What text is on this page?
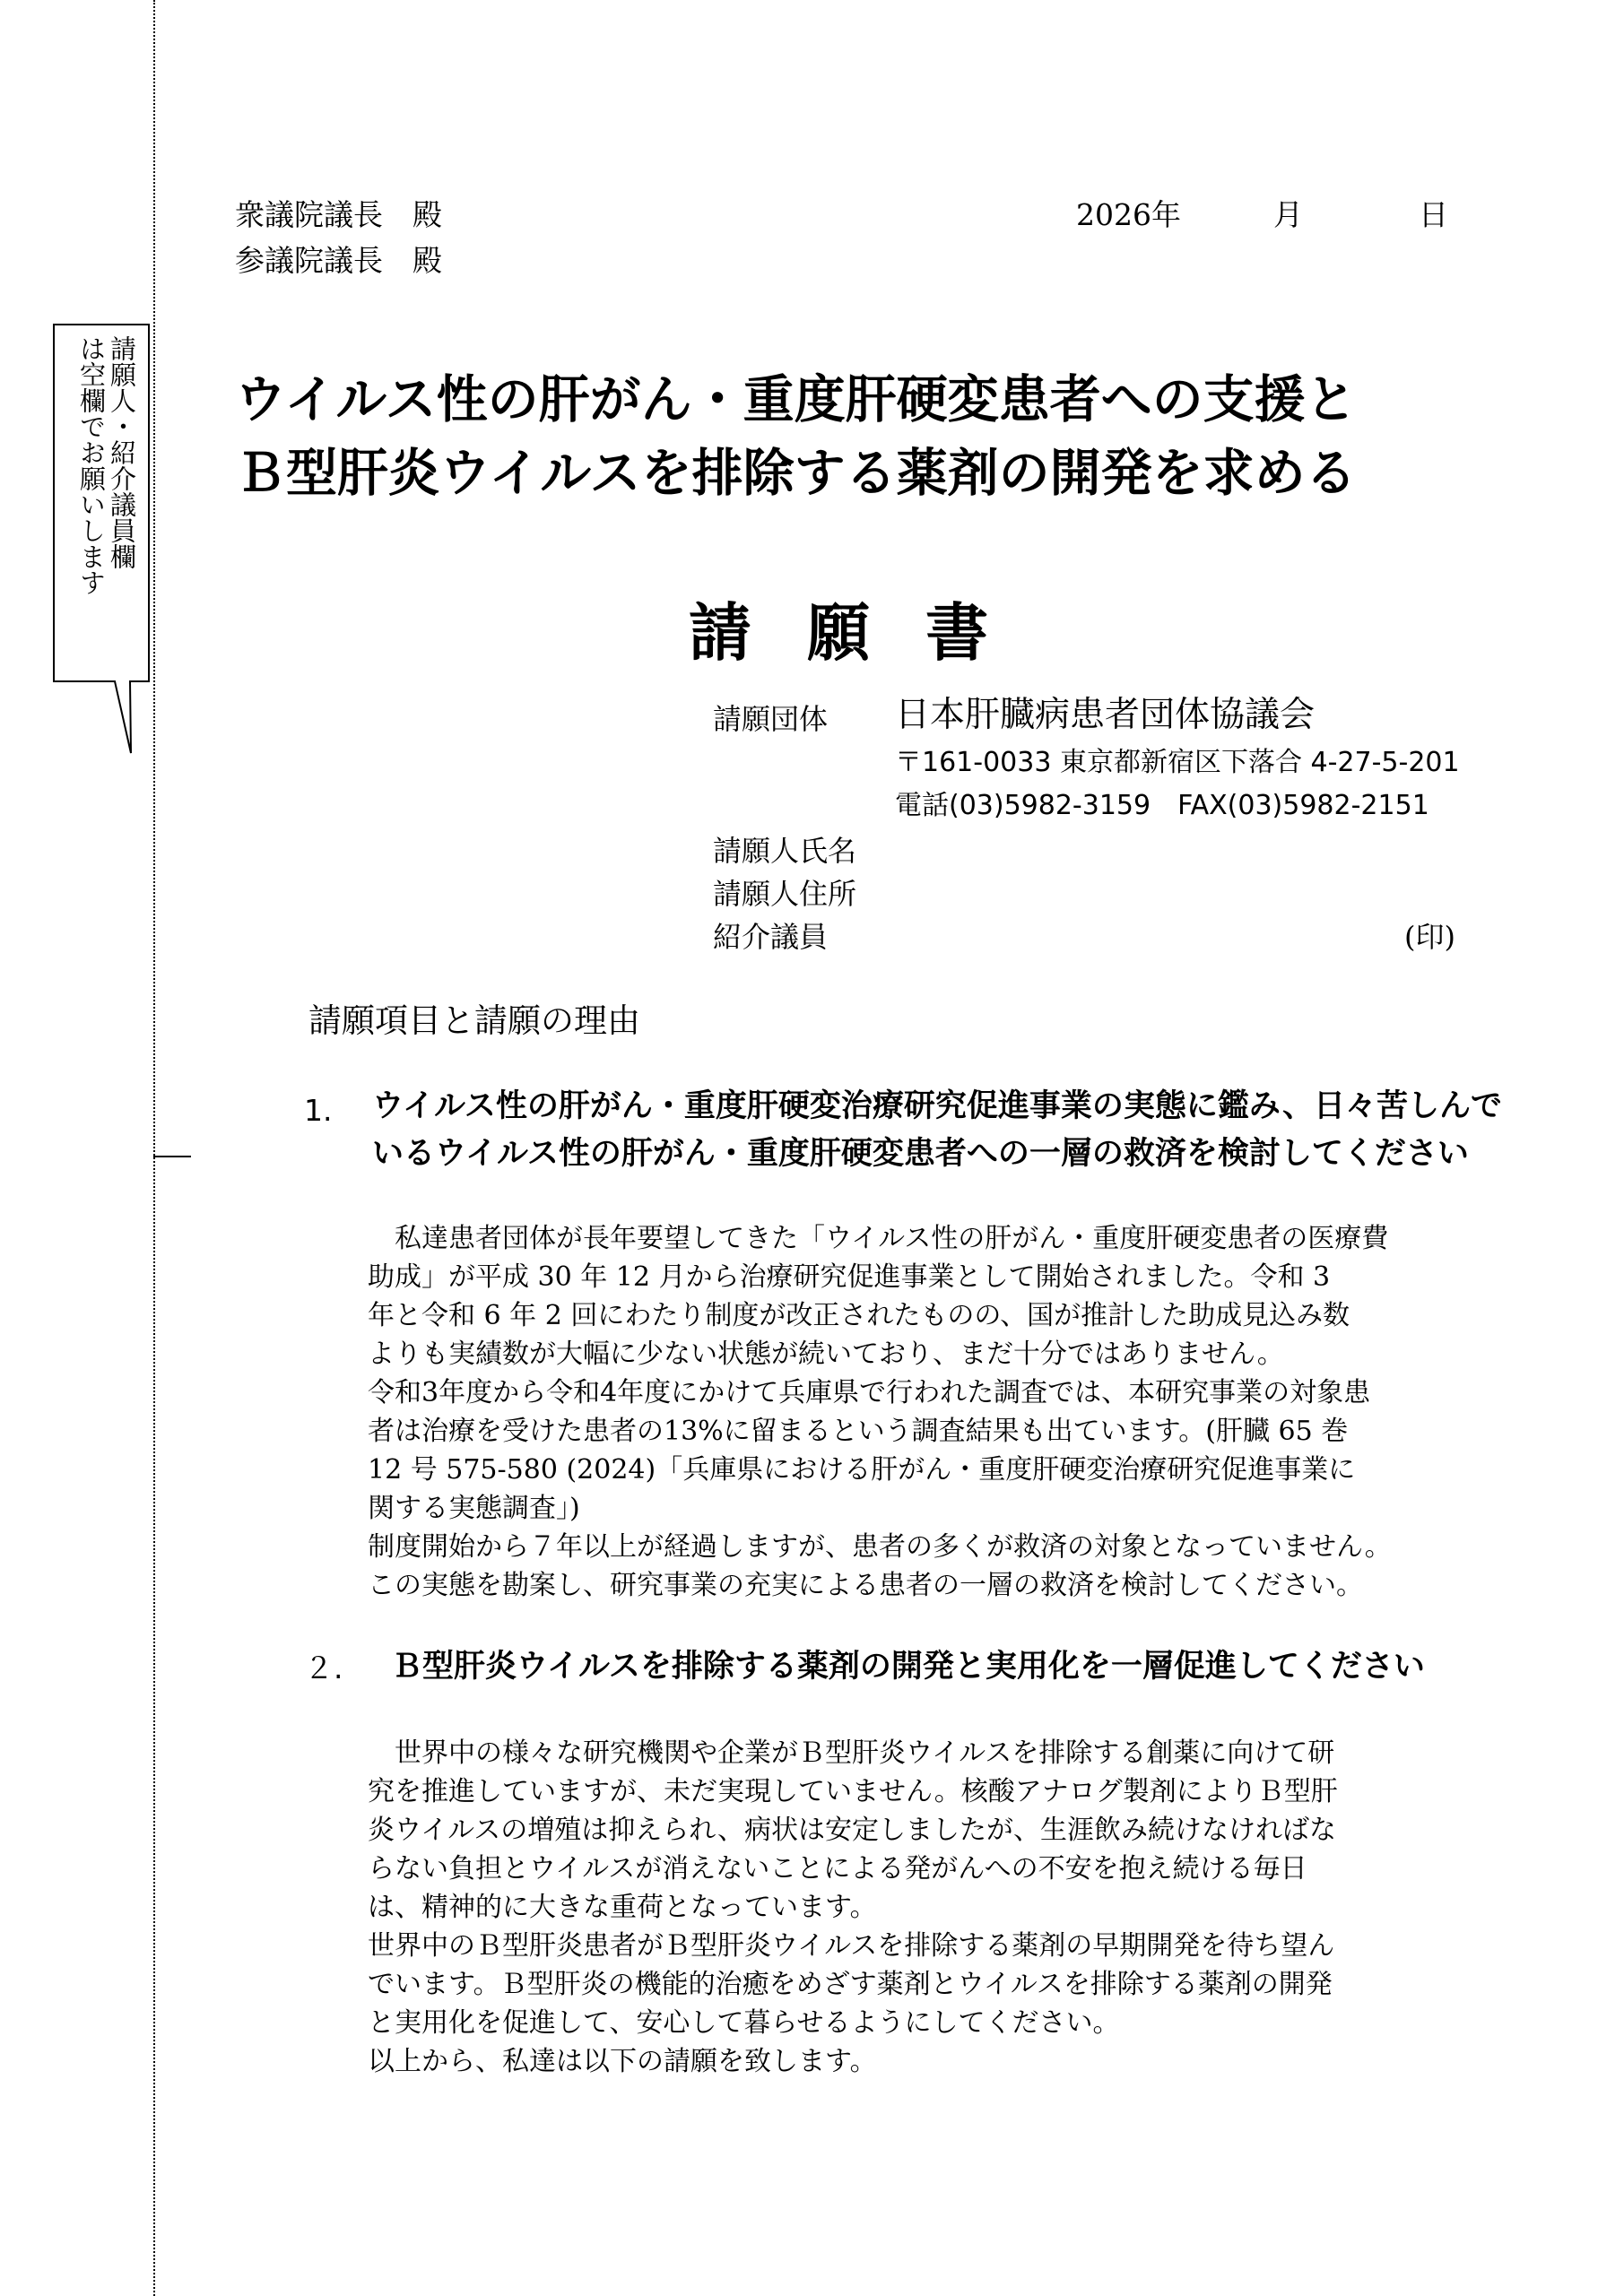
請願人・紹介議員欄
は空欄でお願いします
衆議院議長　殿
参議院議長　殿
2026年	月	日
ウイルス性の肝がん・重度肝硬変患者への支援と
Ｂ型肝炎ウイルスを排除する薬剤の開発を求める
請願書
請願団体 日本肝臓病患者団体協議会
〒161-0033 東京都新宿区下落合 4-27-5-201
電話(03)5982-3159　FAX(03)5982-2151
請願人氏名
請願人住所
紹介議員	(印)
請願項目と請願の理由
1. ウイルス性の肝がん・重度肝硬変治療研究促進事業の実態に鑑み、日々苦しんで
いるウイルス性の肝がん・重度肝硬変患者への一層の救済を検討してください
　私達患者団体が長年要望してきた「ウイルス性の肝がん・重度肝硬変患者の医療費
助成」が平成 30 年 12 月から治療研究促進事業として開始されました。令和 3
年と令和 6 年 2 回にわたり制度が改正されたものの、国が推計した助成見込み数
よりも実績数が大幅に少ない状態が続いており、まだ十分ではありません。
令和3年度から令和4年度にかけて兵庫県で行われた調査では、本研究事業の対象患
者は治療を受けた患者の13%に留まるという調査結果も出ています。(肝臓 65 巻
12 号 575-580 (2024)「兵庫県における肝がん・重度肝硬変治療研究促進事業に
関する実態調査」)
制度開始から７年以上が経過しますが、患者の多くが救済の対象となっていません。
この実態を勘案し、研究事業の充実による患者の一層の救済を検討してください。
２. Ｂ型肝炎ウイルスを排除する薬剤の開発と実用化を一層促進してください
　世界中の様々な研究機関や企業がＢ型肝炎ウイルスを排除する創薬に向けて研
究を推進していますが、未だ実現していません。核酸アナログ製剤によりＢ型肝
炎ウイルスの増殖は抑えられ、病状は安定しましたが、生涯飲み続けなければな
らない負担とウイルスが消えないことによる発がんへの不安を抱え続ける毎日
は、精神的に大きな重荷となっています。
世界中のＢ型肝炎患者がＢ型肝炎ウイルスを排除する薬剤の早期開発を待ち望ん
でいます。Ｂ型肝炎の機能的治癒をめざす薬剤とウイルスを排除する薬剤の開発
と実用化を促進して、安心して暮らせるようにしてください。
以上から、私達は以下の請願を致します。
